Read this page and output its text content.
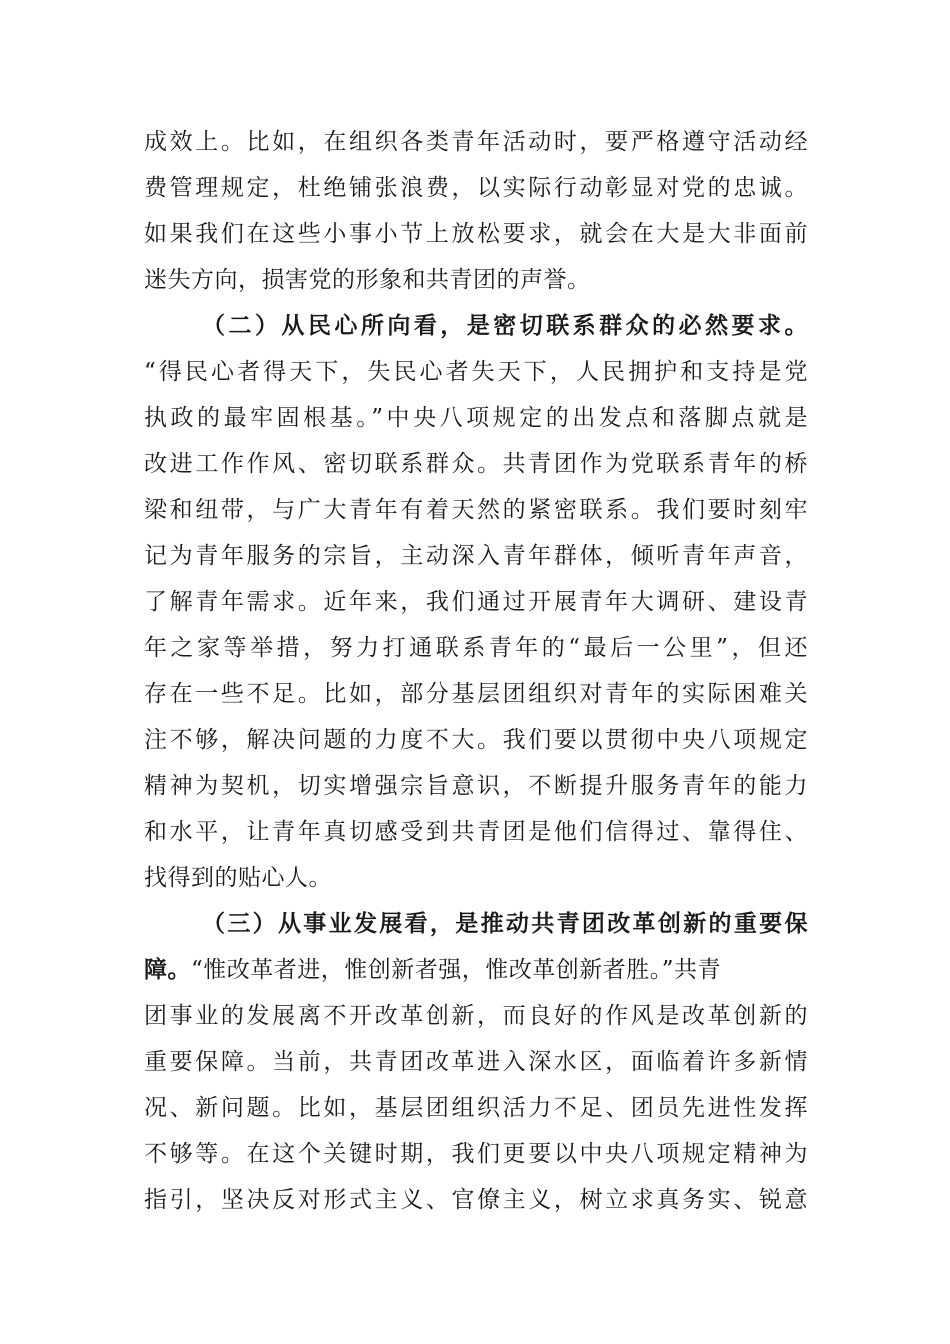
成效上。比如，在组织各类青年活动时，要严格遵守活动经
费管理规定，杜绝铺张浪费，以实际行动彰显对党的忠诚。
如果我们在这些小事小节上放松要求，就会在大是大非面前
迷失方向，损害党的形象和共青团的声誉。
（二）从民心所向看，是密切联系群众的必然要求。
“得民心者得天下，失民心者失天下，人民拥护和支持是党
执政的最牢固根基。”中央八项规定的出发点和落脚点就是
改进工作作风、密切联系群众。共青团作为党联系青年的桥
梁和纽带，与广大青年有着天然的紧密联系。我们要时刻牢
记为青年服务的宗旨，主动深入青年群体，倾听青年声音，
了解青年需求。近年来，我们通过开展青年大调研、建设青
年之家等举措，努力打通联系青年的“最后一公里”，但还
存在一些不足。比如，部分基层团组织对青年的实际困难关
注不够，解决问题的力度不大。我们要以贯彻中央八项规定
精神为契机，切实增强宗旨意识，不断提升服务青年的能力
和水平，让青年真切感受到共青团是他们信得过、靠得住、
找得到的贴心人。
（三）从事业发展看，是推动共青团改革创新的重要保
障。“惟改革者进，惟创新者强，惟改革创新者胜。”共青
团事业的发展离不开改革创新，而良好的作风是改革创新的
重要保障。当前，共青团改革进入深水区，面临着许多新情
况、新问题。比如，基层团组织活力不足、团员先进性发挥
不够等。在这个关键时期，我们更要以中央八项规定精神为
指引，坚决反对形式主义、官僚主义，树立求真务实、锐意
